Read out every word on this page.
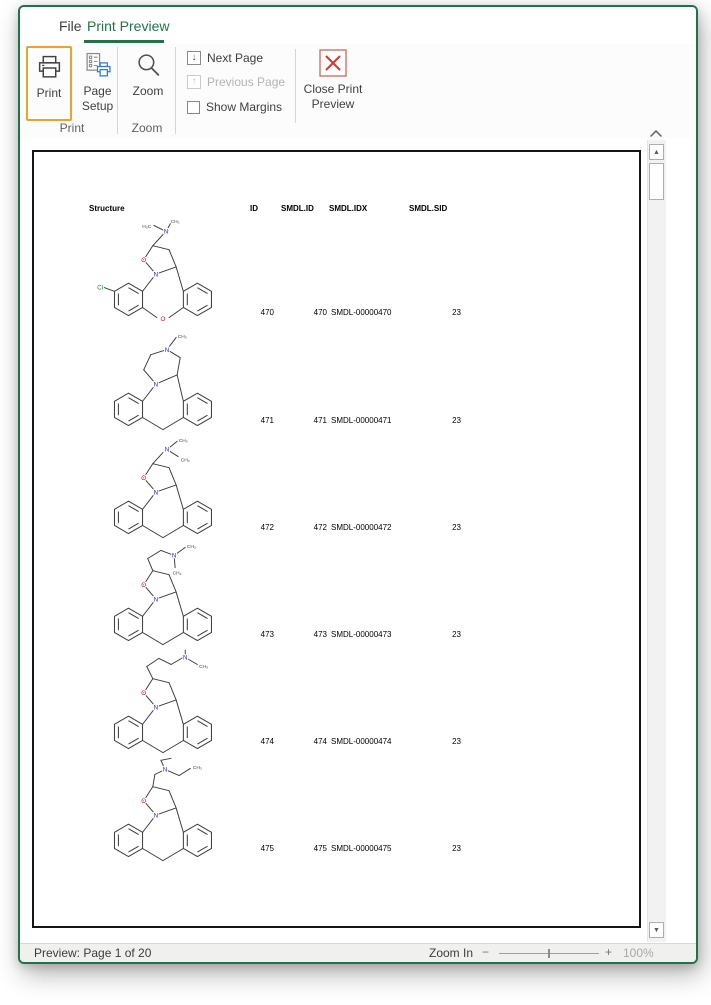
File Print Preview
Print	Page Setup
Zoom
↓ Next Page
↑ Previous Page
Show Margins
Close Print Preview
Print	Zoom
Structure	ID	SMDL.ID SMDL.IDX	SMDL.SID
N
O
O
Cl
N
CH₃
H₃C
470	470 SMDL-00000470	23
N
N
CH₃
471	471 SMDL-00000471	23
N
O
N
CH₃
CH₃
472	472 SMDL-00000472	23
N
O
N
CH₃
CH₃
473	473 SMDL-00000473	23
N
O
N
CH₃
474	474 SMDL-00000474	23
N
O
N	CH₃
475	475 SMDL-00000475	23
▲
▼
Preview: Page 1 of 20	Zoom In −	+ 100%
